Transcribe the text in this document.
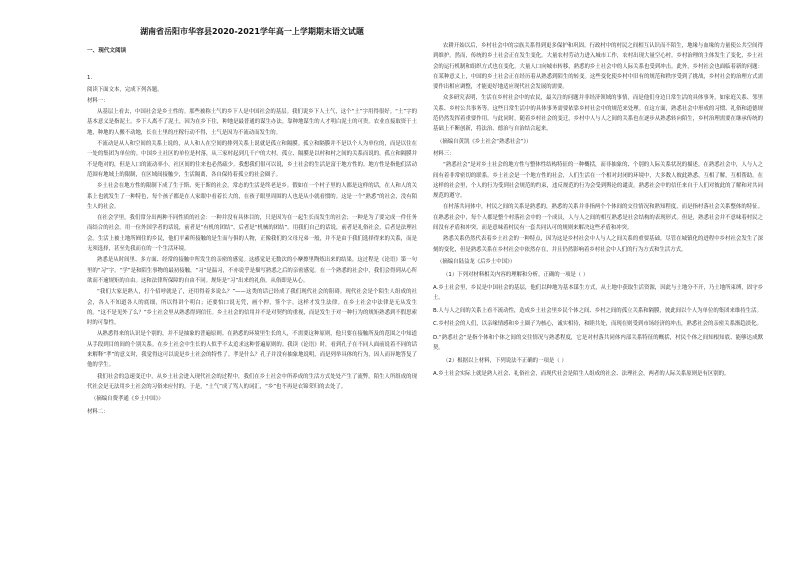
湖南省岳阳市华容县2020-2021学年高一上学期期末语文试题
一、现代文阅读

1.

阅读下面文本，完成下列各题。

材料一：

从基层上看去，中国社会是乡土性的。那些被称土气的乡下人是中国社会的基层。我们说乡下人土气，这个“土”字用得很好。“土”字的基本意义是指泥土。乡下人离不了泥土，因为在乡下住，种地是最普通的谋生办法。靠种地谋生的人才明白泥土的可贵。农业直接取资于土地，种地的人搬不动地，长在土里的庄稼行动不得，土气是因为不流动而发生的。

不流动是从人和空间的关系上说的，从人和人在空间的排列关系上说就是孤立和隔膜。孤立和隔膜并不是以个人为单位的，而是以住在一处的集团为单位的。中国乡土社区的单位是村落，从三家村起到几千户的大村。孤立、隔膜是以村和村之间的关系而说的。孤立和隔膜并不是绝对的，但是人口的流动率小，社区间的往来也必然疏少。我想我们很可以说，乡土社会的生活是富于地方性的。地方性是指他们活动范围有地域上的限制，在区域间接触少，生活隔离，各自保持着孤立的社会圈子。

乡土社会在地方性的限制下成了生于斯、死于斯的社会。常态的生活是终老是乡。假如在一个村子里的人都是这样的话，在人和人的关系上也就发生了一种特色，每个孩子都是在人家眼中看着长大的，在孩子眼里周围的人也是从小就看惯的。这是一个“熟悉”的社会，没有陌生人的社会。

在社会学里，我们常分出两种不同性质的社会：一种并没有具体目的，只是因为在一起生长而发生的社会；一种是为了要完成一件任务而结合的社会。用一位外国学者的话说，前者是“有机的团结”，后者是“机械的团结”。用我们自己的话说，前者是礼俗社会，后者是法理社会。生活上被土地所囿住的乡民，他们平素所接触的是生而与俱的人物，正像我们的父母兄弟一般，并不是由于我们选择得来的关系，而是无须选择，甚至先我而在的一个生活环境。

熟悉是从时间里、多方面、经常的接触中所发生的亲密的感觉。这感觉是无数次的小摩擦里陶炼出来的结果。这过程是《论语》第一句里的“习”字。“学”是和陌生事物的最初接触，“习”是温习，不亦说乎是描写熟悉之后的亲密感觉。在一个熟悉的社会中，我们会得到从心所欲而不逾规矩的自由。这和法律所保障的自由不同。规矩是“习”出来的礼俗。从俗即是从心。

“我们大家是熟人，打个招呼就是了，还用得着多说么？”——这类的话已经成了我们现代社会的阻碍。现代社会是个陌生人组成的社会，各人不知道各人的底细，所以得讲个明白；还要怕口说无凭，画个押，签个字。这样才发生法律。在乡土社会中法律是无从发生的。“这不是见外了么？”乡土社会里从熟悉得到信任。乡土社会的信用并不是对契约的重视，而是发生于对一种行为的规矩熟悉到不假思索时的可靠性。

从熟悉得来的认识是个别的，并不是抽象的普遍原则。在熟悉的环境里生长的人，不需要这种原则，他只要在接触所及的范围之中知道从手段到目的间的个别关系。在乡土社会中生长的人似乎不太追求这种普遍原则的。我读《论语》时，看到孔子在不同人面前说着不同的话来解释“孝”的意义时，我觉得这可以说是乡土社会的特性了。孝是什么？孔子并没有抽象地说明，而是列举具体的行为，因人而异地答复了他的学生。

我们社会的急速变迁中，从乡土社会进入现代社会的过程中，我们在乡土社会中所养成的生活方式处处产生了流弊。陌生人所组成的现代社会是无法用乡土社会的习俗来应付的。于是，“土气”成了骂人的词汇，“乡”也不再是衣锦荣归的去处了。

（摘编自费孝通《乡土中国》）

材料二：

农耕开始以后，乡村社会中的宗族关系得到更多保护和巩固。行政村中的村民之间相互认识而不陌生，地缘与血缘的力量使公共空间得到维护。然而，传统的乡土社会正在发生变化。大量农村劳动力进入城市工作，农村出现大量空心村。乡村治理的主体发生了变化，乡土社会的运行机制和组织方式也在变化。大量人口向城市转移，熟悉的乡土社会中的人际关系也受到冲击。此外，乡村社会也面临着新的问题：在某种意义上，中国的乡土社会正在经历着从熟悉到陌生的转变。这些变化使乡村中旧有的规范和秩序受到了挑战，乡村社会的治理方式需要作出相应调整，才能更好地适应现代社会发展的需要。

众多研究表明，生活在乡村社会中的农民，最关注的问题并非经济领域的事情，而是他们身边日常生活的具体事务，如家庭关系、邻里关系、乡村公共事务等。这些日常生活中的具体事务需要依靠乡村社会中的规范来处理。在这方面，熟悉社会中形成的习惯、礼俗和道德规范仍然发挥着重要作用。与此同时，随着乡村社会的变迁，乡村中人与人之间的关系也在逐步从熟悉转向陌生，乡村治理需要在继承传统的基础上不断创新，将法治、德治与自治结合起来。

（摘编自黄凯《乡土社会“熟悉社会”》）

材料三：

“熟悉社会”是对乡土社会的地方性与整体性结构特征的一种概括，而非抽象的、个别的人际关系状况的描述。在熟悉社会中，人与人之间有着非常密切的联系。乡土社会是一个地方性的社会，人们生活在一个相对封闭的环境中，大多数人彼此熟悉，互相了解，互相帮助。在这样的社会里，个人的行为受到社会规范的约束，违反规范的行为会受到舆论的谴责。熟悉社会中的信任来自于人们对彼此的了解和对共同规范的遵守。

在村落共同体中，村民之间的关系是熟悉的，熟悉的关系并非指两个个体间的交往情况和熟知程度，而是指村落社会关系整体的特征。在熟悉社会中，每个人都是整个村落社会中的一个成员，人与人之间的相互熟悉是社会结构的表现形式。但是，熟悉社会并不意味着村民之间没有矛盾和冲突，而是意味着村民有一套共同认可的规则来解决这些矛盾和冲突。

熟悉关系仍然代表着乡土社会的一种特点，因为这是乡村社会中人与人之间关系的重要基础。尽管在城镇化的进程中乡村社会发生了深刻的变化，但是熟悉关系在乡村社会中依然存在，并且仍然影响着乡村社会中人们的行为方式和生活方式。

（摘编自陆益龙《后乡土中国》）

（1）下列对材料相关内容的理解和分析，正确的一项是（ ）

A.乡土社会里，乡民是中国社会的基层，他们以种地为基本谋生方式，从土地中获取生活资源，因此与土地分不开，乃土地所束缚，固守乡土。

B.人与人之间的关系上看不流动性，造成乡土社会里乡民个体之间、乡村之间的孤立关系和隔膜，彼此间以个人为单位的集团来维持生活。

C.乡村社会的人们，以亲缘情感和乡土圈子为核心，诚实相待，和睦共处，而现在则受到市场经济的冲击，熟悉社会的亲密关系渐趋淡化。

D.“熟悉社会”是指个体和个体之间的交往情况与熟悉程度，它是对村落共同体内部关系特征的概括，村民个体之间知根知底、能够达成默契。

（2）根据以上材料，下列说法不正确的一项是（ ）

A.乡土社会实际上就是熟人社会、礼俗社会，而现代社会是陌生人组成的社会、法理社会，两者的人际关系原则是有区别的。
